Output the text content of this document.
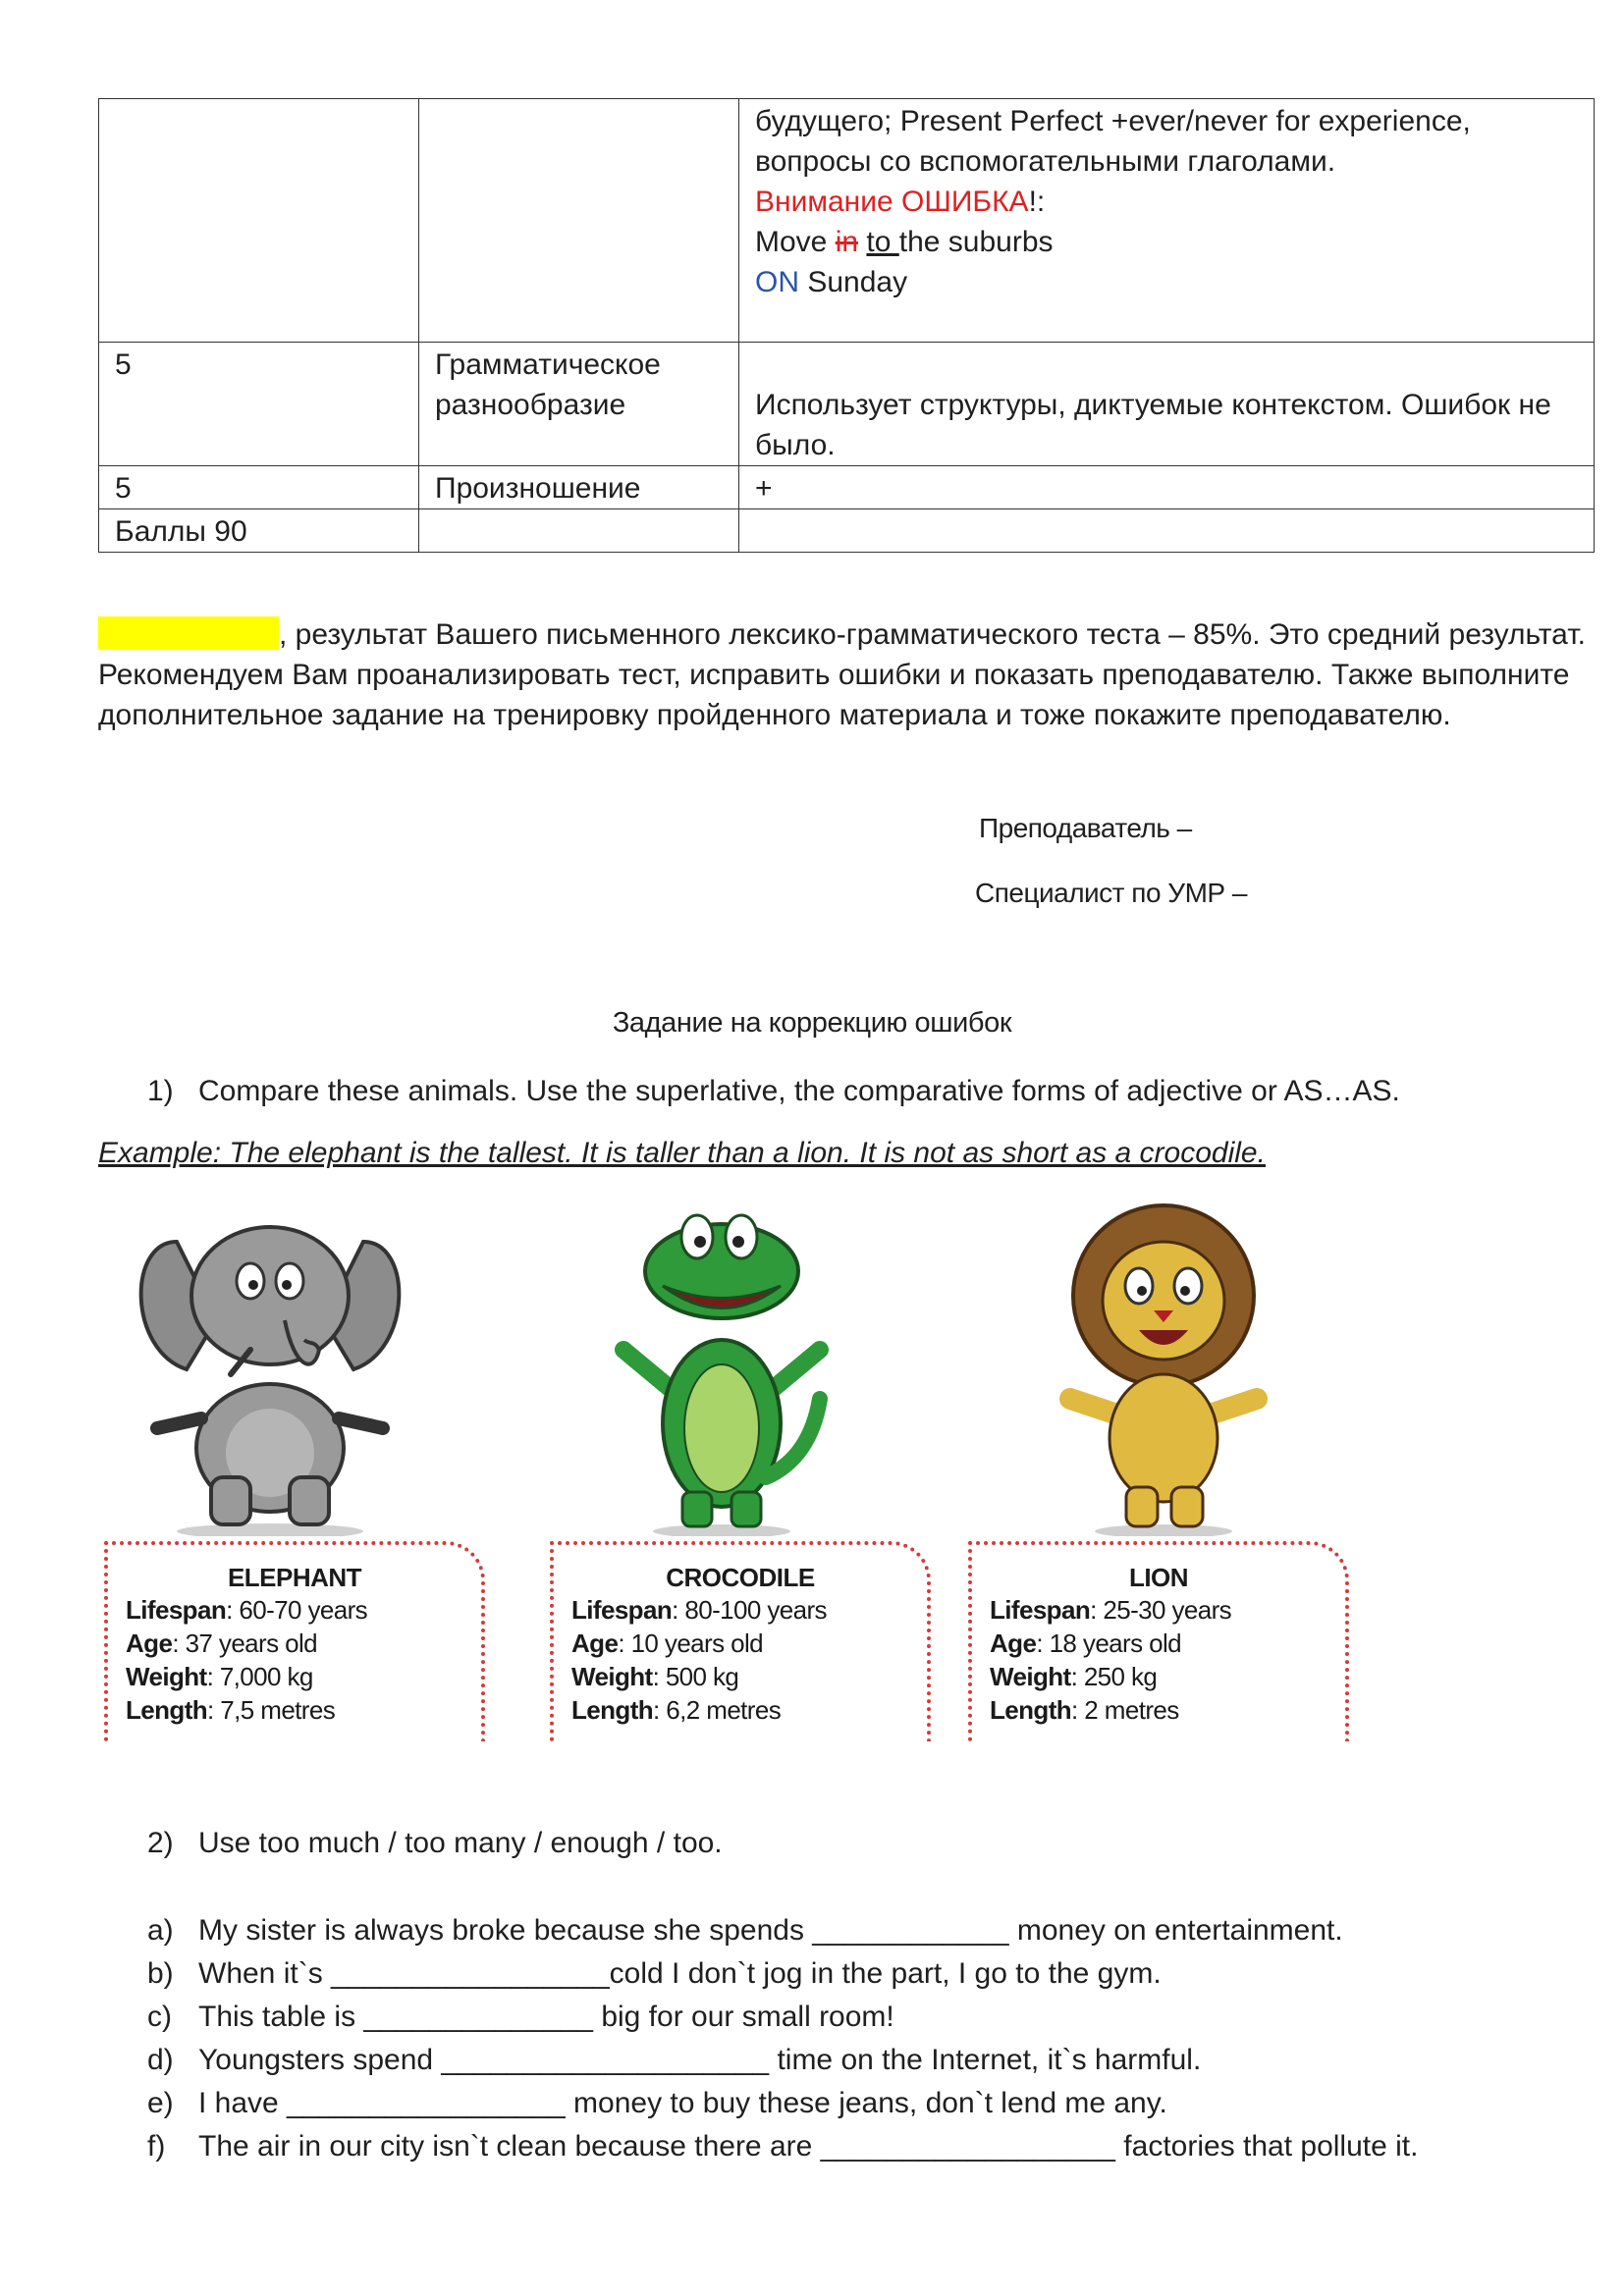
		будущего; Present Perfect +ever/never for experience,
вопросы со вспомогательными глаголами.
Внимание ОШИБКА!:
Move in to the suburbs
ON Sunday

5	Грамматическое
разнообразие	Использует структуры, диктуемые контекстом. Ошибок не было.

5	Произношение	+
Баллы 90		
, результат Вашего письменного лексико-грамматического теста – 85%. Это средний результат. Рекомендуем Вам проанализировать тест, исправить ошибки и показать преподавателю. Также выполните дополнительное задание на тренировку пройденного материала и тоже покажите преподавателю.
Преподаватель –
Специалист по УМР –
Задание на коррекцию ошибок
1) Compare these animals. Use the superlative, the comparative forms of adjective or AS…AS.
Example: The elephant is the tallest. It is taller than a lion. It is not as short as a crocodile.
ELEPHANT
Lifespan: 60-70 years
Age: 37 years old
Weight: 7,000 kg
Length: 7,5 metres
CROCODILE
Lifespan: 80-100 years
Age: 10 years old
Weight: 500 kg
Length: 6,2 metres
LION
Lifespan: 25-30 years
Age: 18 years old
Weight: 250 kg
Length: 2 metres
2) Use too much / too many / enough / too.
a) My sister is always broke because she spends ____________ money on entertainment.
b) When it`s _________________cold I don`t jog in the part, I go to the gym.
c) This table is ______________ big for our small room!
d) Youngsters spend ____________________ time on the Internet, it`s harmful.
e) I have _________________ money to buy these jeans, don`t lend me any.
f) The air in our city isn`t clean because there are __________________ factories that pollute it.
